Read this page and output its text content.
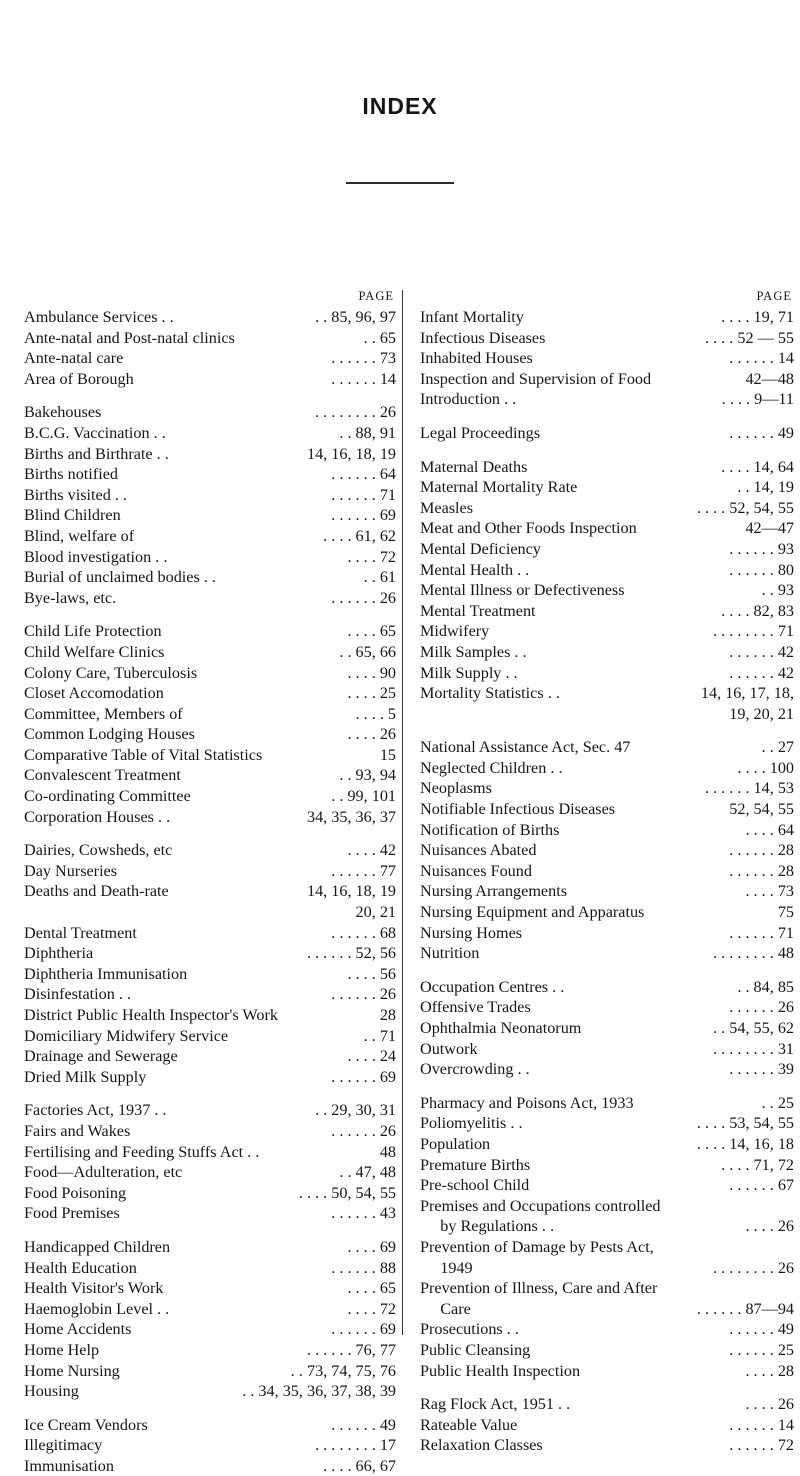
INDEX
PAGE
. . 85, 96, 97
Ambulance Services . .
. . 65
Ante-natal and Post-natal clinics
. . . . . . 73
Ante-natal care
. . . . . . 14
Area of Borough
. . . . . . . . 26
Bakehouses
. . 88, 91
B.C.G. Vaccination . .
14, 16, 18, 19
Births and Birthrate . .
. . . . . . 64
Births notified
. . . . . . 71
Births visited . .
. . . . . . 69
Blind Children
. . . . 61, 62
Blind, welfare of
. . . . 72
Blood investigation . .
. . 61
Burial of unclaimed bodies . .
. . . . . . 26
Bye-laws, etc.
. . . . 65
Child Life Protection
. . 65, 66
Child Welfare Clinics
. . . . 90
Colony Care, Tuberculosis
. . . . 25
Closet Accomodation
. . . . 5
Committee, Members of
. . . . 26
Common Lodging Houses
15
Comparative Table of Vital Statistics
. . 93, 94
Convalescent Treatment
. . 99, 101
Co-ordinating Committee
34, 35, 36, 37
Corporation Houses . .
. . . . 42
Dairies, Cowsheds, etc
. . . . . . 77
Day Nurseries
14, 16, 18, 19
Deaths and Death-rate
20, 21
. . . . . . 68
Dental Treatment
. . . . . . 52, 56
Diphtheria
. . . . 56
Diphtheria Immunisation
. . . . . . 26
Disinfestation . .
28
District Public Health Inspector's Work
. . 71
Domiciliary Midwifery Service
. . . . 24
Drainage and Sewerage
. . . . . . 69
Dried Milk Supply
. . 29, 30, 31
Factories Act, 1937 . .
. . . . . . 26
Fairs and Wakes
48
Fertilising and Feeding Stuffs Act . .
. . 47, 48
Food—Adulteration, etc
. . . . 50, 54, 55
Food Poisoning
. . . . . . 43
Food Premises
. . . . 69
Handicapped Children
. . . . . . 88
Health Education
. . . . 65
Health Visitor's Work
. . . . 72
Haemoglobin Level . .
. . . . . . 69
Home Accidents
. . . . . . 76, 77
Home Help
. . 73, 74, 75, 76
Home Nursing
. . 34, 35, 36, 37, 38, 39
Housing
. . . . . . 49
Ice Cream Vendors
. . . . . . . . 17
Illegitimacy
. . . . 66, 67
Immunisation
PAGE
. . . . 19, 71
Infant Mortality
. . . . 52 — 55
Infectious Diseases
. . . . . . 14
Inhabited Houses
42—48
Inspection and Supervision of Food
. . . . 9—11
Introduction . .
. . . . . . 49
Legal Proceedings
. . . . 14, 64
Maternal Deaths
. . 14, 19
Maternal Mortality Rate
. . . . 52, 54, 55
Measles
42—47
Meat and Other Foods Inspection
. . . . . . 93
Mental Deficiency
. . . . . . 80
Mental Health . .
. . 93
Mental Illness or Defectiveness
. . . . 82, 83
Mental Treatment
. . . . . . . . 71
Midwifery
. . . . . . 42
Milk Samples . .
. . . . . . 42
Milk Supply . .
14, 16, 17, 18,
Mortality Statistics . .
19, 20, 21
. . 27
National Assistance Act, Sec. 47
. . . . 100
Neglected Children . .
. . . . . . 14, 53
Neoplasms
52, 54, 55
Notifiable Infectious Diseases
. . . . 64
Notification of Births
. . . . . . 28
Nuisances Abated
. . . . . . 28
Nuisances Found
. . . . 73
Nursing Arrangements
75
Nursing Equipment and Apparatus
. . . . . . 71
Nursing Homes
. . . . . . . . 48
Nutrition
. . 84, 85
Occupation Centres . .
. . . . . . 26
Offensive Trades
. . 54, 55, 62
Ophthalmia Neonatorum
. . . . . . . . 31
Outwork
. . . . . . 39
Overcrowding . .
. . 25
Pharmacy and Poisons Act, 1933
. . . . 53, 54, 55
Poliomyelitis . .
. . . . 14, 16, 18
Population
. . . . 71, 72
Premature Births
. . . . . . 67
Pre-school Child
Premises and Occupations controlled
. . . . 26
by Regulations . .
Prevention of Damage by Pests Act,
. . . . . . . . 26
1949
Prevention of Illness, Care and After
. . . . . . 87—94
Care
. . . . . . 49
Prosecutions . .
. . . . . . 25
Public Cleansing
. . . . 28
Public Health Inspection
. . . . 26
Rag Flock Act, 1951 . .
. . . . . . 14
Rateable Value
. . . . . . 72
Relaxation Classes
